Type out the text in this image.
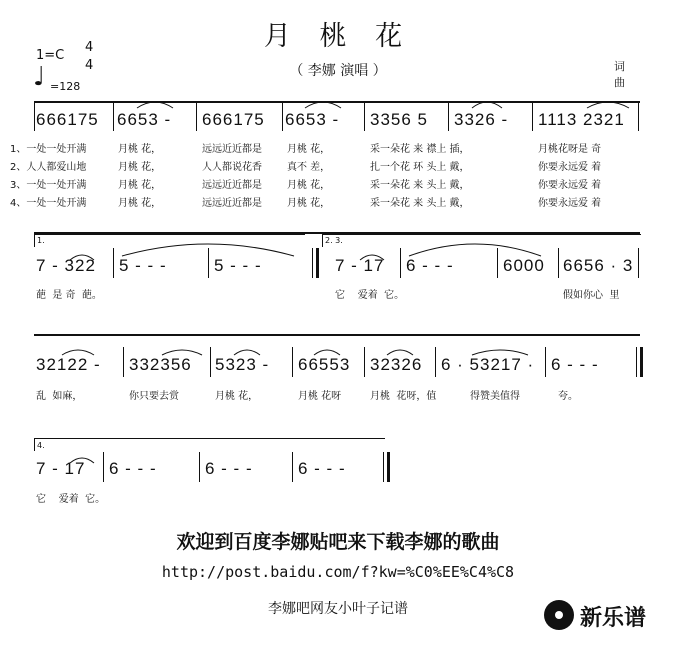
月 桃 花
（ 李娜 演唱 ）
1=C
4
4
♩ =128
词
曲
666175 6653 - 666175 6653 - 3356 5 3326 - 1113 2321
1、一处一处开满	月桃 花，	远远近近都是	月桃 花，	采一朵花 来 襟上 插，	月桃花呀是 奇
2、人人都爱山地	月桃 花，	人人都说花香	真不 差，	扎一个花 环 头上 戴，	你要永远爱 着
3、一处一处开满	月桃 花，	远远近近都是	月桃 花，	采一朵花 来 头上 戴，	你要永远爱 着
4、一处一处开满	月桃 花，	远远近近都是	月桃 花，	采一朵花 来 头上 戴，	你要永远爱 着
1.	2. 3.
7 - 322 5 - - -	5 - - -	7 - 17 6 - - -	6000 6656 · 3
葩  是 奇  葩。	它    爱着  它。	假如你心  里
32122 - 332356 5323 - 66553 32326 6 · 53217 · 6 - - -
乱  如麻，	你只要去赏	月桃 花，	月桃 花呀	月桃  花呀，值	得赞美值得	夸。
4.
7 - 17 6 - - -	6 - - -	6 - - -
它    爱着  它。
欢迎到百度李娜贴吧来下载李娜的歌曲
http://post.baidu.com/f?kw=%C0%EE%C4%C8
李娜吧网友小叶子记谱

	新乐谱
